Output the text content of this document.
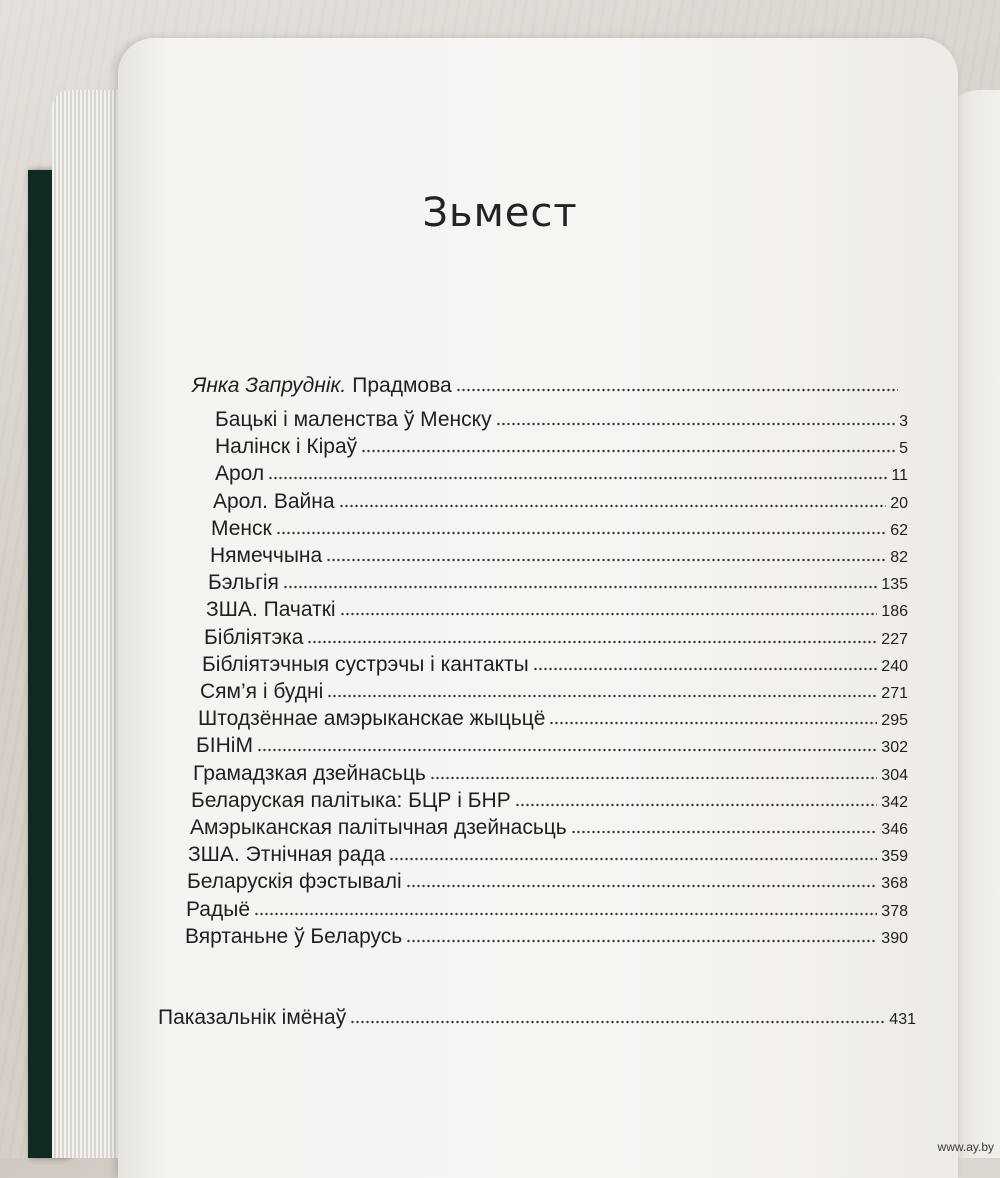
Зьмест
Янка Запруднік. Прадмова
Бацькі і маленства ў Менску	3
Налінск і Кіраў	5
Арол	11
Арол. Вайна	20
Менск	62
Нямеччына	82
Бэльгія	135
ЗША. Пачаткі	186
Бібліятэка	227
Бібліятэчныя сустрэчы і кантакты	240
Сям’я і будні	271
Штодзённае амэрыканскае жыцьцё	295
БІНіМ	302
Грамадзкая дзейнасьць	304
Беларуская палітыка: БЦР і БНР	342
Амэрыканская палітычная дзейнасьць	346
ЗША. Этнічная рада	359
Беларускія фэстывалі	368
Радыё	378
Вяртаньне ў Беларусь	390
Паказальнік імёнаў	431
www.ay.by
